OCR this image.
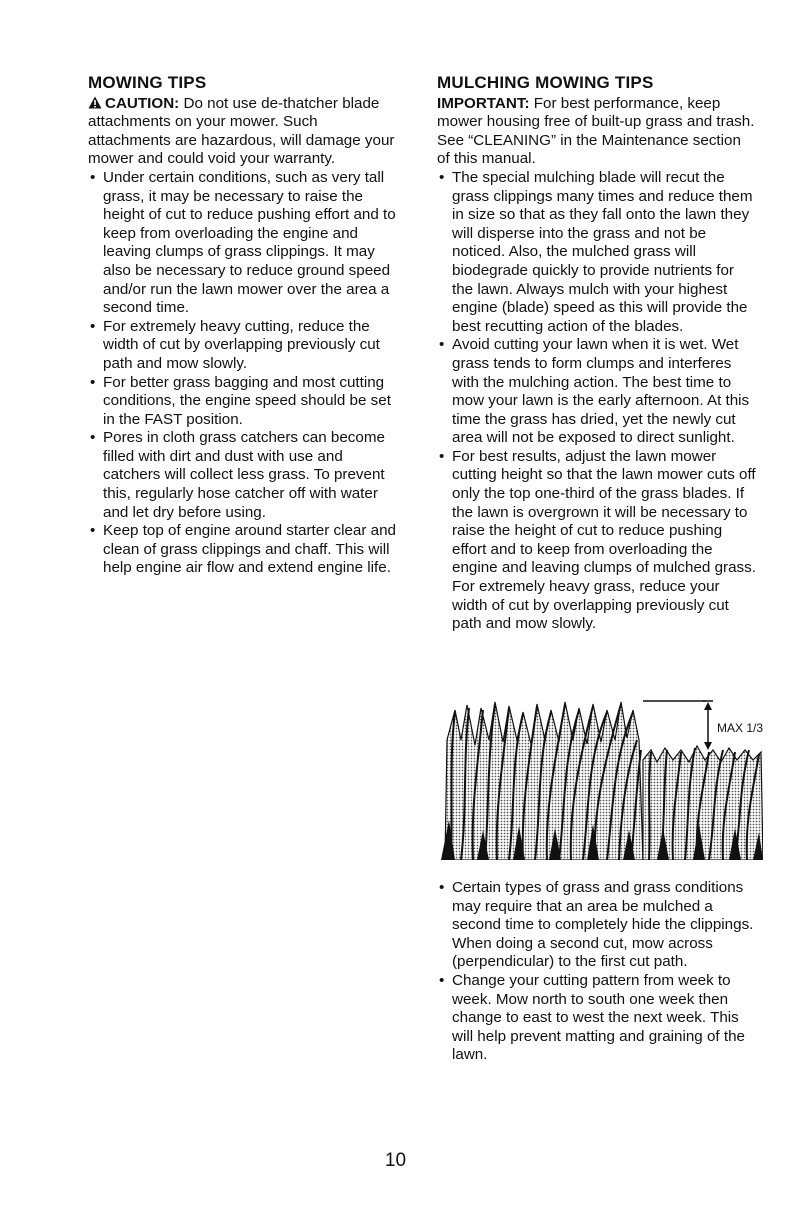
MOWING TIPS

CAUTION: Do not use de-thatcher blade attachments on your mower. Such attachments are hazardous, will damage your mower and could void your warranty.

• Under certain conditions, such as very tall grass, it may be necessary to raise the height of cut to reduce pushing effort and to keep from overloading the engine and leaving clumps of grass clippings. It may also be necessary to reduce ground speed and/or run the lawn mower over the area a second time.
• For extremely heavy cutting, reduce the width of cut by overlapping previously cut path and mow slowly.
• For better grass bagging and most cutting conditions, the engine speed should be set in the FAST position.
• Pores in cloth grass catchers can become filled with dirt and dust with use and catchers will collect less grass. To prevent this, regularly hose catcher off with water and let dry before using.
• Keep top of engine around starter clear and clean of grass clippings and chaff. This will help engine air flow and extend engine life.
MULCHING MOWING TIPS

IMPORTANT: For best performance, keep mower housing free of built-up grass and trash. See “CLEANING” in the Maintenance section of this manual.

• The special mulching blade will recut the grass clippings many times and reduce them in size so that as they fall onto the lawn they will disperse into the grass and not be noticed. Also, the mulched grass will biodegrade quickly to provide nutrients for the lawn. Always mulch with your highest engine (blade) speed as this will provide the best recutting action of the blades.
• Avoid cutting your lawn when it is wet. Wet grass tends to form clumps and interferes with the mulching action. The best time to mow your lawn is the early afternoon. At this time the grass has dried, yet the newly cut area will not be exposed to direct sunlight.
• For best results, adjust the lawn mower cutting height so that the lawn mower cuts off only the top one-third of the grass blades. If the lawn is overgrown it will be necessary to raise the height of cut to reduce pushing effort and to keep from overloading the engine and leaving clumps of mulched grass. For extremely heavy grass, reduce your width of cut by overlapping previously cut path and mow slowly.
MAX 1/3
• Certain types of grass and grass conditions may require that an area be mulched a second time to completely hide the clippings. When doing a second cut, mow across (perpendicular) to the first cut path.
• Change your cutting pattern from week to week. Mow north to south one week then change to east to west the next week. This will help prevent matting and graining of the lawn.
10
